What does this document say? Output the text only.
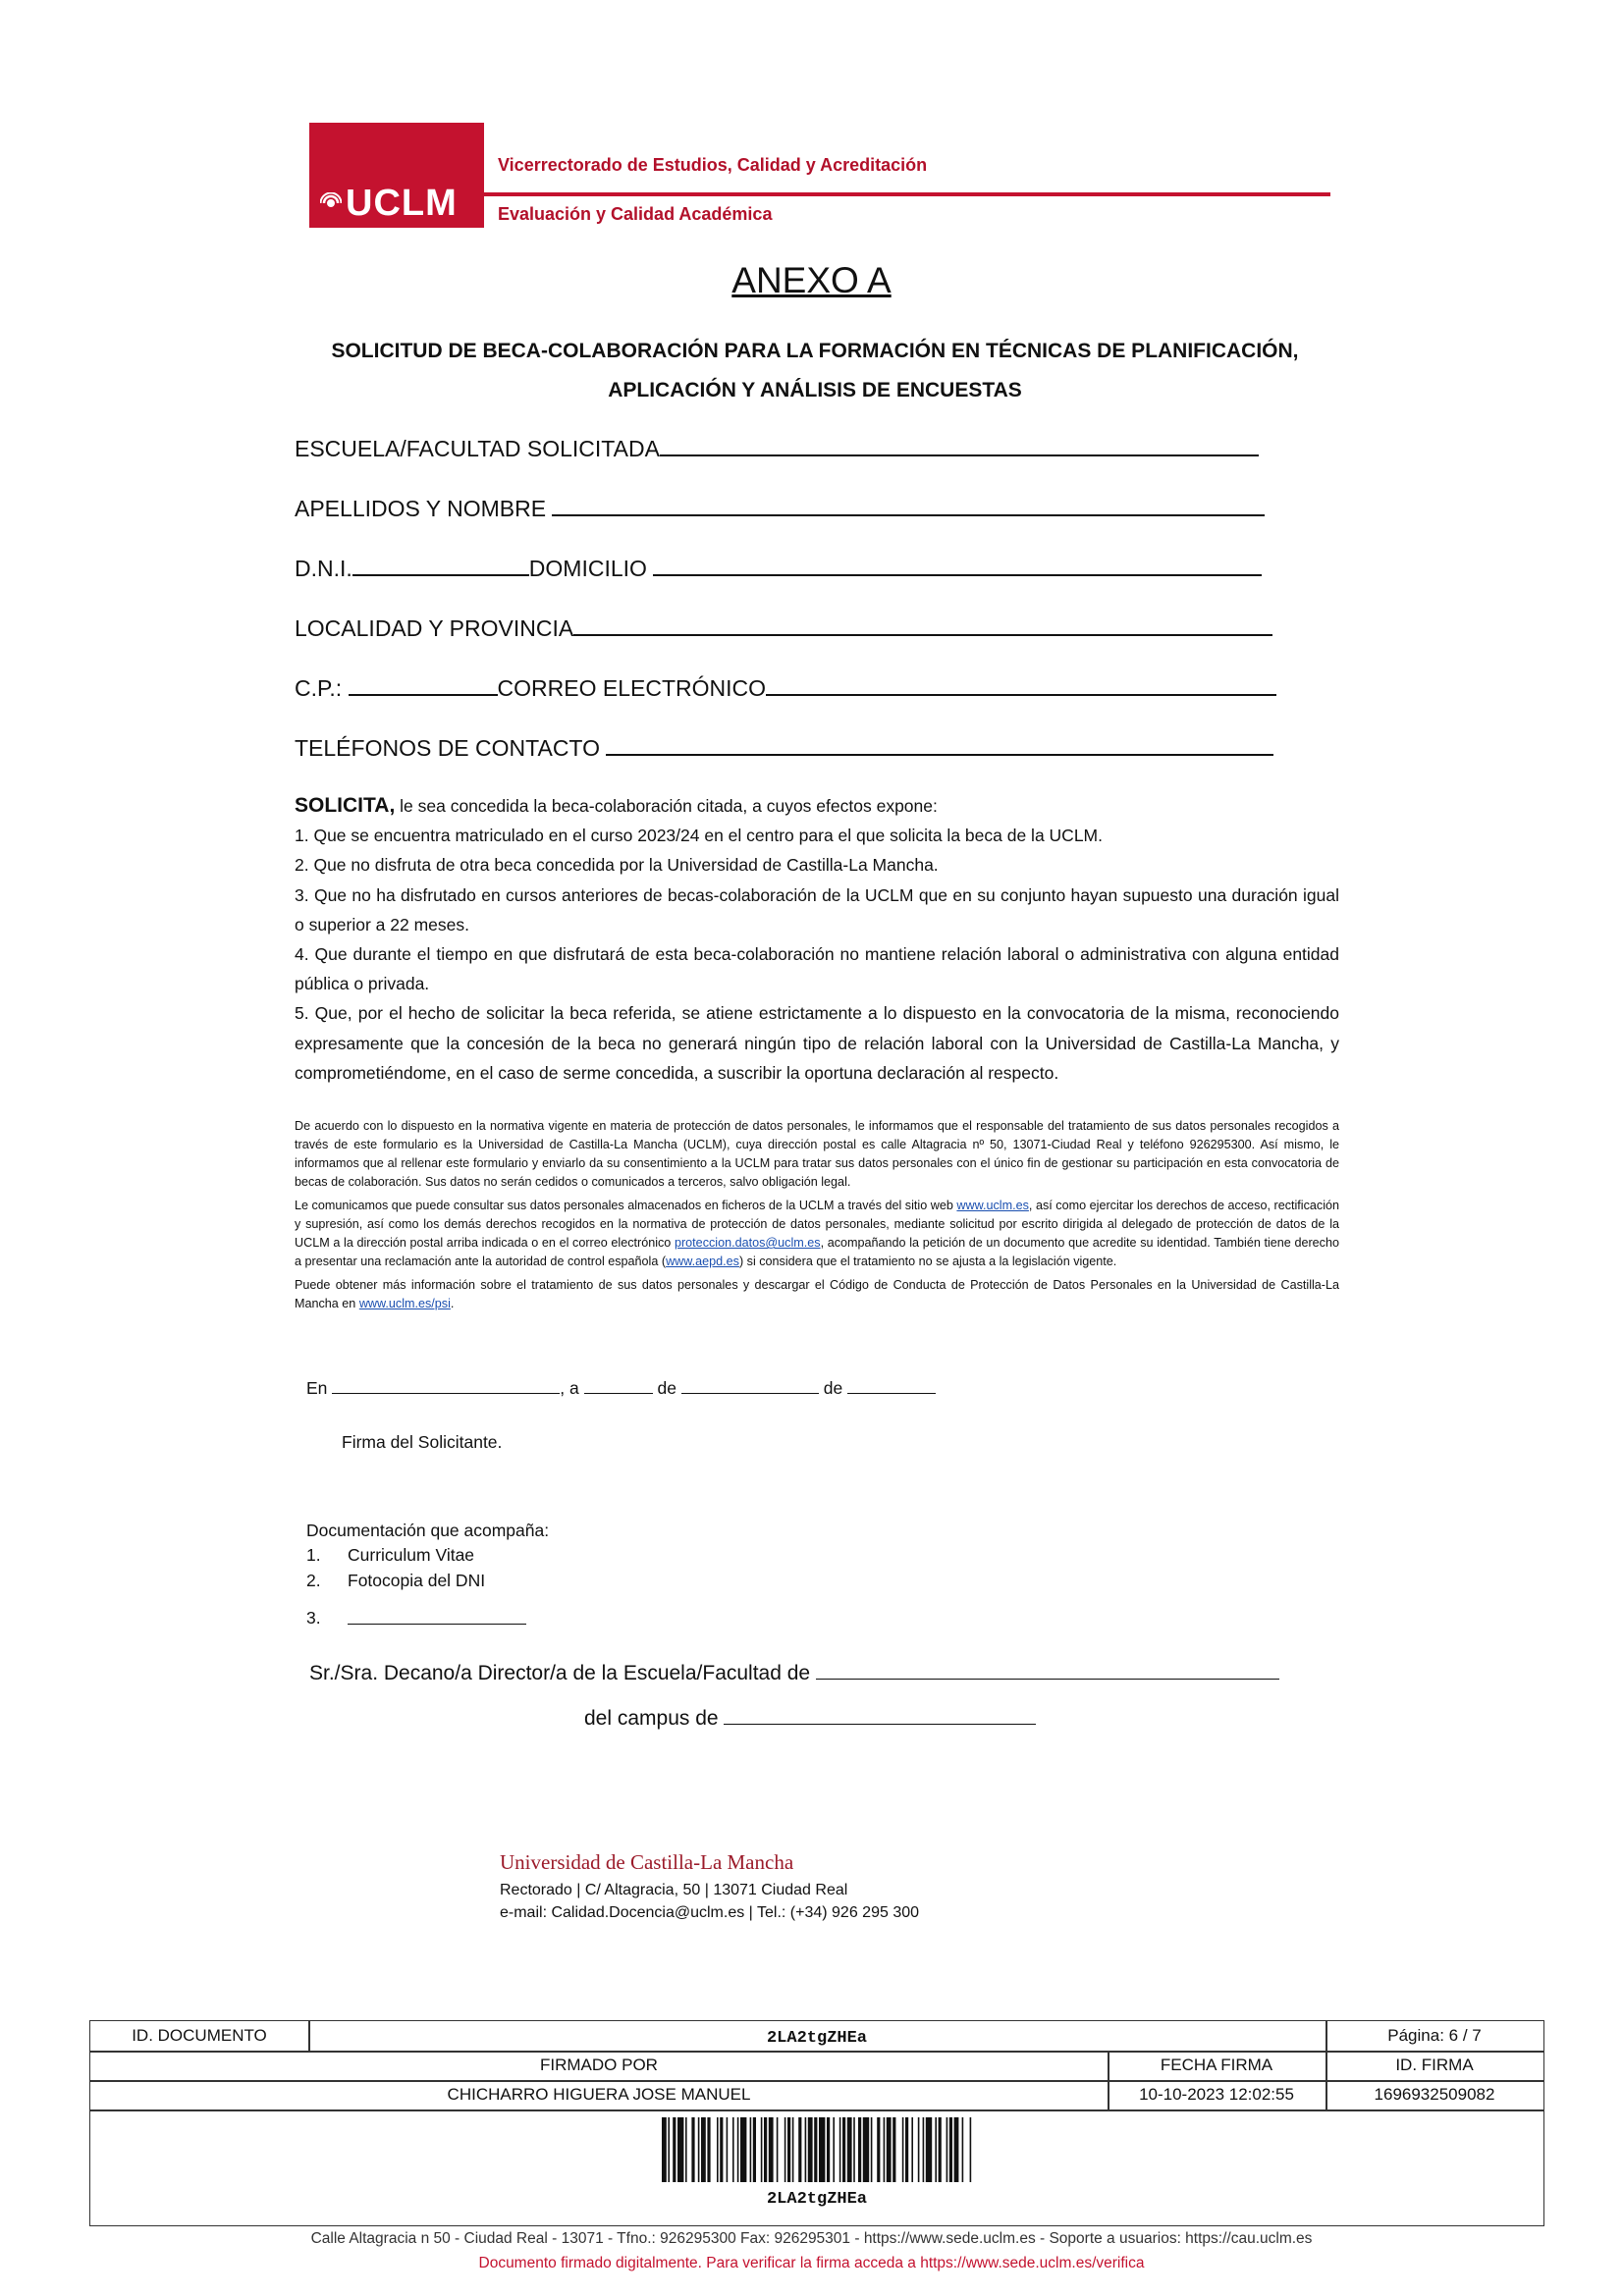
UCLM
Vicerrectorado de Estudios, Calidad y Acreditación
Evaluación y Calidad Académica
ANEXO A
SOLICITUD DE BECA-COLABORACIÓN PARA LA FORMACIÓN EN TÉCNICAS DE PLANIFICACIÓN,
APLICACIÓN Y ANÁLISIS DE ENCUESTAS
ESCUELA/FACULTAD SOLICITADA
APELLIDOS Y NOMBRE
D.N.I.	DOMICILIO
LOCALIDAD Y PROVINCIA
C.P.:	CORREO ELECTRÓNICO
TELÉFONOS DE CONTACTO

SOLICITA, le sea concedida la beca-colaboración citada, a cuyos efectos expone:

1. Que se encuentra matriculado en el curso 2023/24 en el centro para el que solicita la beca de la UCLM.

2. Que no disfruta de otra beca concedida por la Universidad de Castilla-La Mancha.

3. Que no ha disfrutado en cursos anteriores de becas-colaboración de la UCLM que en su conjunto hayan supuesto una duración igual o superior a 22 meses.

4. Que durante el tiempo en que disfrutará de esta beca-colaboración no mantiene relación laboral o administrativa con alguna entidad pública o privada.

5. Que, por el hecho de solicitar la beca referida, se atiene estrictamente a lo dispuesto en la convocatoria de la misma, reconociendo expresamente que la concesión de la beca no generará ningún tipo de relación laboral con la Universidad de Castilla-La Mancha, y comprometiéndome, en el caso de serme concedida, a suscribir la oportuna declaración al respecto.

De acuerdo con lo dispuesto en la normativa vigente en materia de protección de datos personales, le informamos que el responsable del tratamiento de sus datos personales recogidos a través de este formulario es la Universidad de Castilla-La Mancha (UCLM), cuya dirección postal es calle Altagracia nº 50, 13071-Ciudad Real y teléfono 926295300. Así mismo, le informamos que al rellenar este formulario y enviarlo da su consentimiento a la UCLM para tratar sus datos personales con el único fin de gestionar su participación en esta convocatoria de becas de colaboración. Sus datos no serán cedidos o comunicados a terceros, salvo obligación legal.

Le comunicamos que puede consultar sus datos personales almacenados en ficheros de la UCLM a través del sitio web www.uclm.es, así como ejercitar los derechos de acceso, rectificación y supresión, así como los demás derechos recogidos en la normativa de protección de datos personales, mediante solicitud por escrito dirigida al delegado de protección de datos de la UCLM a la dirección postal arriba indicada o en el correo electrónico proteccion.datos@uclm.es, acompañando la petición de un documento que acredite su identidad. También tiene derecho a presentar una reclamación ante la autoridad de control española (www.aepd.es) si considera que el tratamiento no se ajusta a la legislación vigente.

Puede obtener más información sobre el tratamiento de sus datos personales y descargar el Código de Conducta de Protección de Datos Personales en la Universidad de Castilla-La Mancha en www.uclm.es/psi.

En	, a	de	de
Firma del Solicitante.
Documentación que acompaña:
1. Curriculum Vitae
2. Fotocopia del DNI
3.
Sr./Sra. Decano/a Director/a de la Escuela/Facultad de
del campus de
Universidad de Castilla-La Mancha
Rectorado | C/ Altagracia, 50 | 13071 Ciudad Real
e-mail: Calidad.Docencia@uclm.es | Tel.: (+34) 926 295 300
ID. DOCUMENTO	2LA2tgZHEa	Página: 6 / 7
FIRMADO POR	FECHA FIRMA	ID. FIRMA
CHICHARRO HIGUERA JOSE MANUEL	10-10-2023 12:02:55	1696932509082
2LA2tgZHEa
Calle Altagracia n 50 - Ciudad Real - 13071 - Tfno.: 926295300 Fax: 926295301 - https://www.sede.uclm.es - Soporte a usuarios: https://cau.uclm.es
Documento firmado digitalmente. Para verificar la firma acceda a https://www.sede.uclm.es/verifica
